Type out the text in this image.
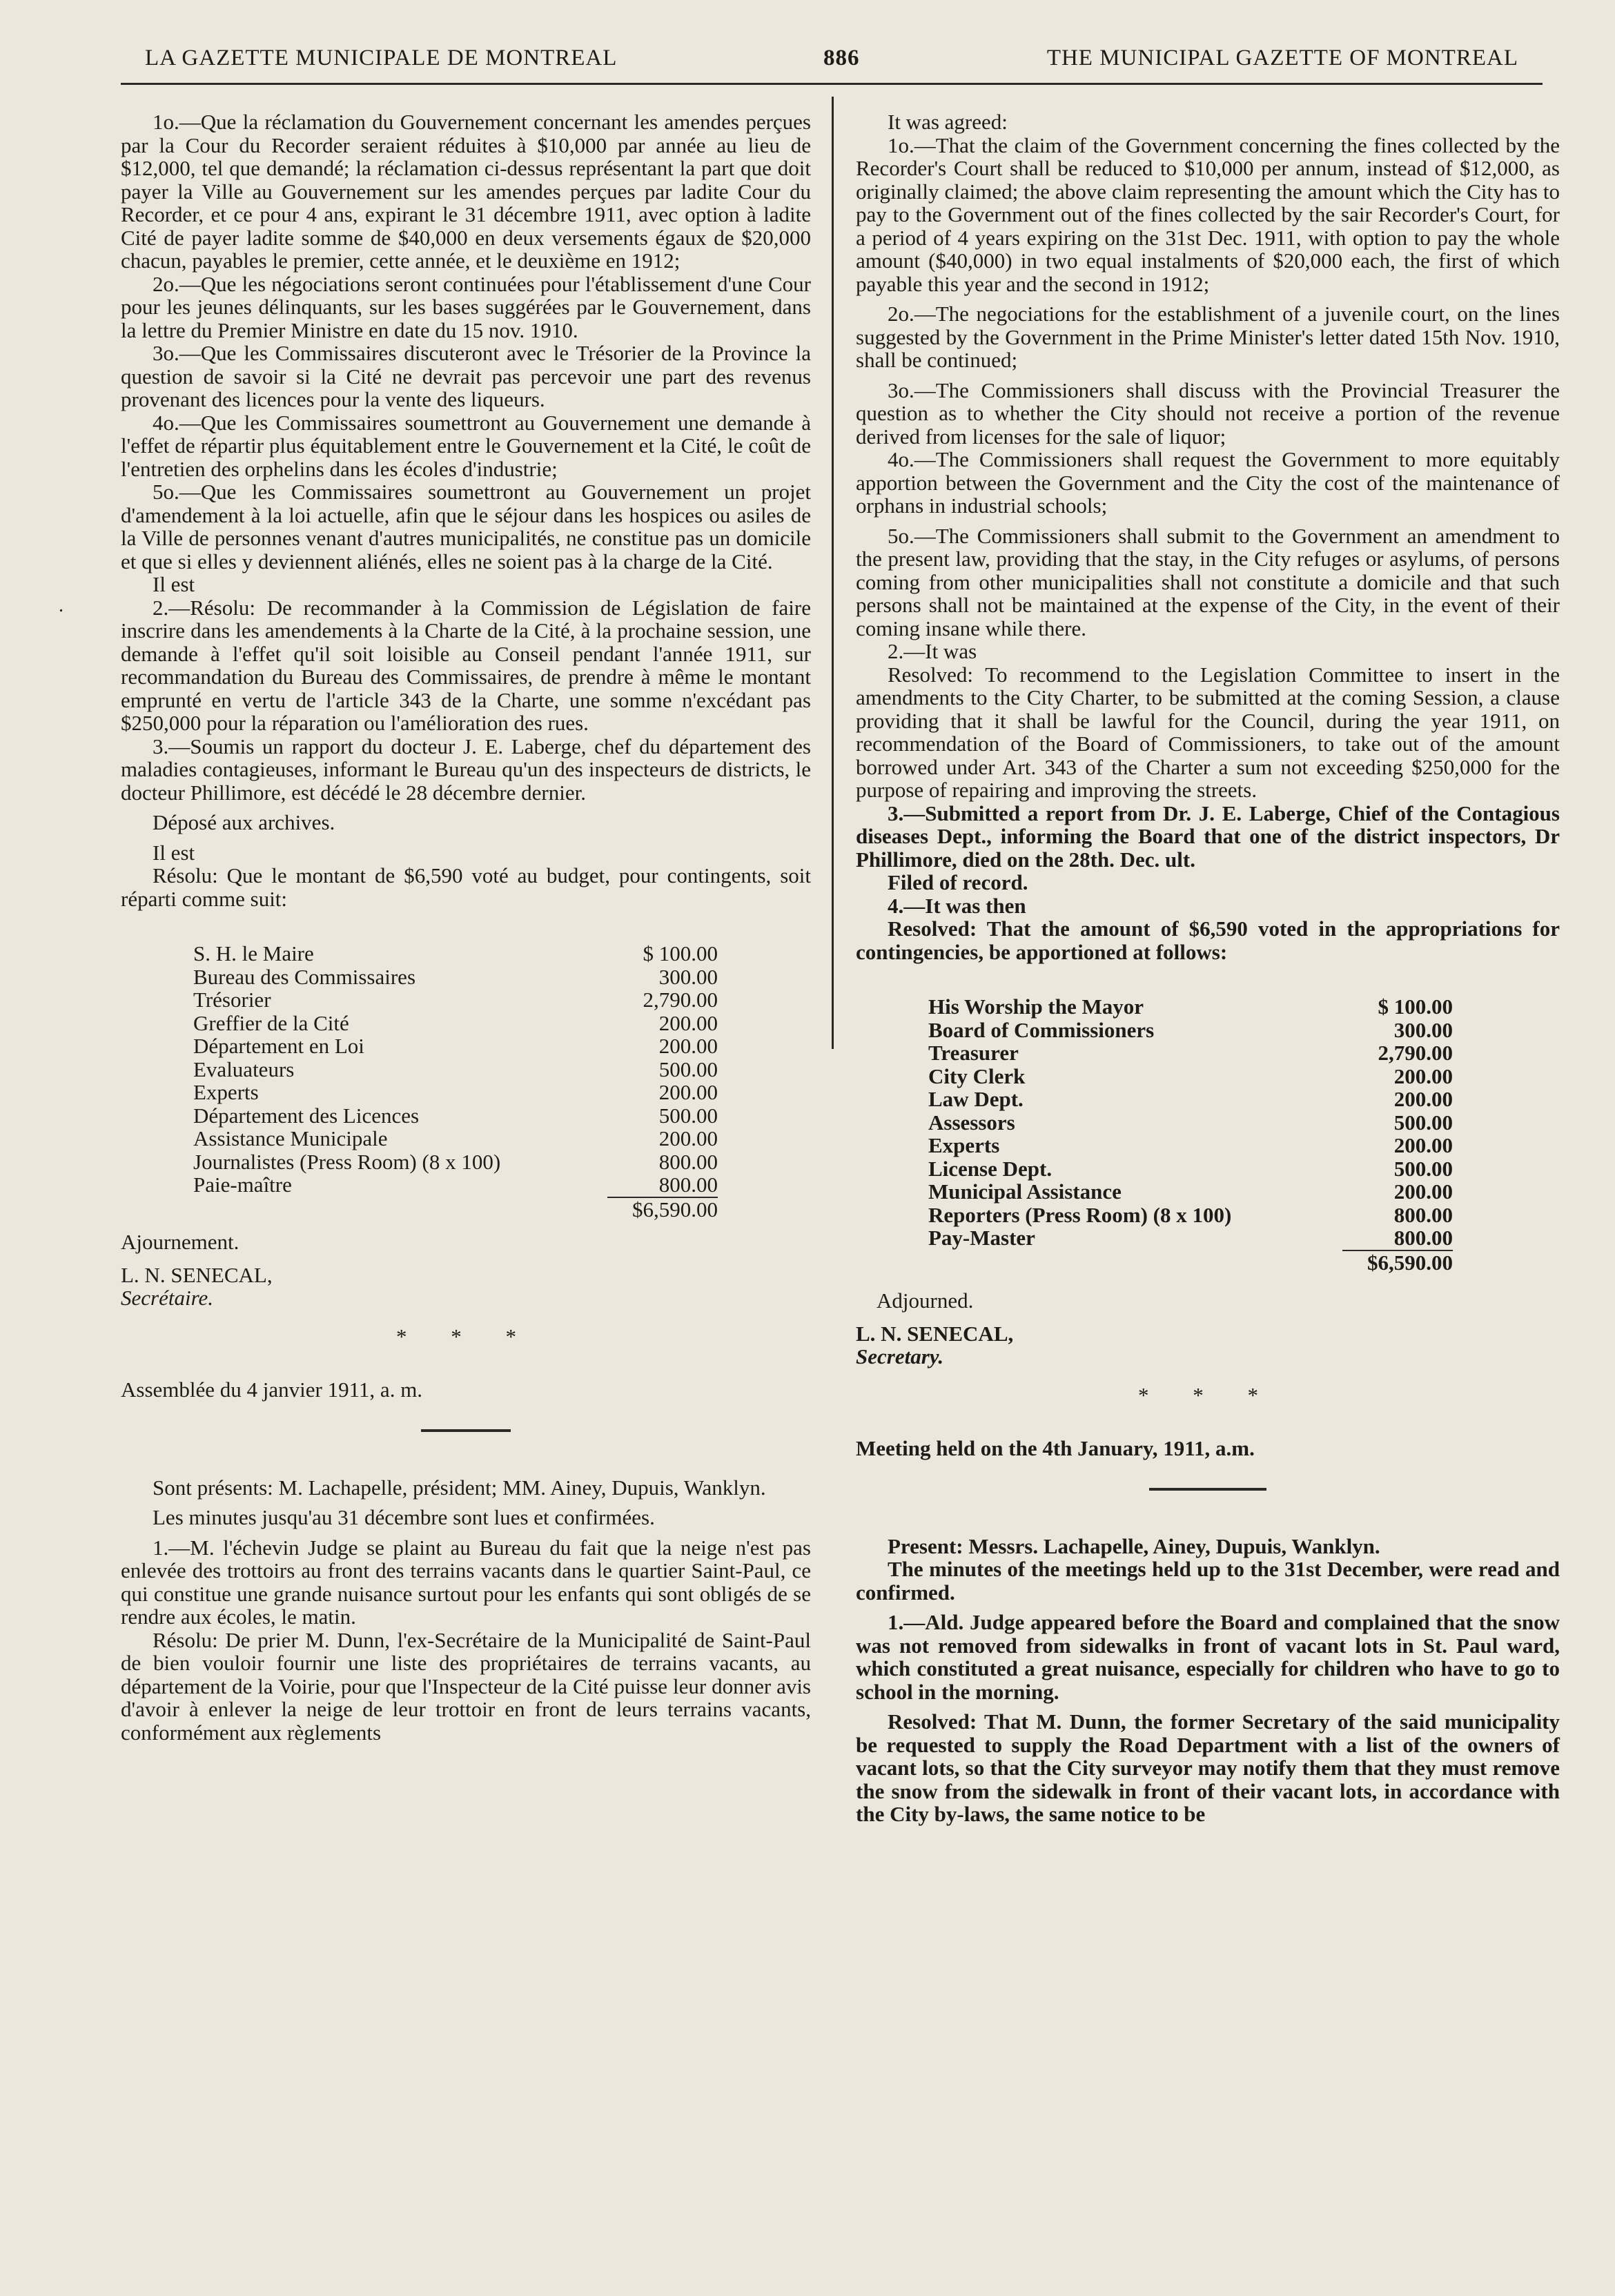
LA GAZETTE MUNICIPALE DE MONTREAL	886	THE MUNICIPAL GAZETTE OF MONTREAL
.

1o.—Que la réclamation du Gouvernement concernant les amendes perçues par la Cour du Recorder seraient réduites à $10,000 par année au lieu de $12,000, tel que demandé; la réclamation ci-dessus représentant la part que doit payer la Ville au Gouvernement sur les amendes perçues par ladite Cour du Recorder, et ce pour 4 ans, expirant le 31 décembre 1911, avec option à ladite Cité de payer ladite somme de $40,000 en deux versements égaux de $20,000 chacun, payables le premier, cette année, et le deuxième en 1912;

2o.—Que les négociations seront continuées pour l'établissement d'une Cour pour les jeunes délinquants, sur les bases suggérées par le Gouvernement, dans la lettre du Premier Ministre en date du 15 nov. 1910.

3o.—Que les Commissaires discuteront avec le Trésorier de la Province la question de savoir si la Cité ne devrait pas percevoir une part des revenus provenant des licences pour la vente des liqueurs.

4o.—Que les Commissaires soumettront au Gouvernement une demande à l'effet de répartir plus équitablement entre le Gouvernement et la Cité, le coût de l'entretien des orphelins dans les écoles d'industrie;

5o.—Que les Commissaires soumettront au Gouvernement un projet d'amendement à la loi actuelle, afin que le séjour dans les hospices ou asiles de la Ville de personnes venant d'autres municipalités, ne constitue pas un domicile et que si elles y deviennent aliénés, elles ne soient pas à la charge de la Cité.

Il est

2.—Résolu: De recommander à la Commission de Législation de faire inscrire dans les amendements à la Charte de la Cité, à la prochaine session, une demande à l'effet qu'il soit loisible au Conseil pendant l'année 1911, sur recommandation du Bureau des Commissaires, de prendre à même le montant emprunté en vertu de l'article 343 de la Charte, une somme n'excédant pas $250,000 pour la réparation ou l'amélioration des rues.

3.—Soumis un rapport du docteur J. E. Laberge, chef du département des maladies contagieuses, informant le Bureau qu'un des inspecteurs de districts, le docteur Phillimore, est décédé le 28 décembre dernier.

Déposé aux archives.

Il est

Résolu: Que le montant de $6,590 voté au budget, pour contingents, soit réparti comme suit:

S. H. le Maire	$ 100.00
Bureau des Commissaires	300.00
Trésorier	2,790.00
Greffier de la Cité	200.00
Département en Loi	200.00
Evaluateurs	500.00
Experts	200.00
Département des Licences	500.00
Assistance Municipale	200.00
Journalistes (Press Room) (8 x 100)	800.00
Paie-maître	800.00

$6,590.00

Ajournement.

L. N. SENECAL,

Secrétaire.

* * *

Assemblée du 4 janvier 1911, a. m.

Sont présents: M. Lachapelle, président; MM. Ainey, Dupuis, Wanklyn.

Les minutes jusqu'au 31 décembre sont lues et confirmées.

1.—M. l'échevin Judge se plaint au Bureau du fait que la neige n'est pas enlevée des trottoirs au front des terrains vacants dans le quartier Saint-Paul, ce qui constitue une grande nuisance surtout pour les enfants qui sont obligés de se rendre aux écoles, le matin.

Résolu: De prier M. Dunn, l'ex-Secrétaire de la Municipalité de Saint-Paul de bien vouloir fournir une liste des propriétaires de terrains vacants, au département de la Voirie, pour que l'Inspecteur de la Cité puisse leur donner avis d'avoir à enlever la neige de leur trottoir en front de leurs terrains vacants, conformément aux règlements

It was agreed:

1o.—That the claim of the Government concerning the fines collected by the Recorder's Court shall be reduced to $10,000 per annum, instead of $12,000, as originally claimed; the above claim representing the amount which the City has to pay to the Government out of the fines collected by the sair Recorder's Court, for a period of 4 years expiring on the 31st Dec. 1911, with option to pay the whole amount ($40,000) in two equal instalments of $20,000 each, the first of which payable this year and the second in 1912;

2o.—The negociations for the establishment of a juvenile court, on the lines suggested by the Government in the Prime Minister's letter dated 15th Nov. 1910, shall be continued;

3o.—The Commissioners shall discuss with the Provincial Treasurer the question as to whether the City should not receive a portion of the revenue derived from licenses for the sale of liquor;

4o.—The Commissioners shall request the Government to more equitably apportion between the Government and the City the cost of the maintenance of orphans in industrial schools;

5o.—The Commissioners shall submit to the Government an amendment to the present law, providing that the stay, in the City refuges or asylums, of persons coming from other municipalities shall not constitute a domicile and that such persons shall not be maintained at the expense of the City, in the event of their coming insane while there.

2.—It was

Resolved: To recommend to the Legislation Committee to insert in the amendments to the City Charter, to be submitted at the coming Session, a clause providing that it shall be lawful for the Council, during the year 1911, on recommendation of the Board of Commissioners, to take out of the amount borrowed under Art. 343 of the Charter a sum not exceeding $250,000 for the purpose of repairing and improving the streets.

3.—Submitted a report from Dr. J. E. Laberge, Chief of the Contagious diseases Dept., informing the Board that one of the district inspectors, Dr Phillimore, died on the 28th. Dec. ult.

Filed of record.

4.—It was then

Resolved: That the amount of $6,590 voted in the appropriations for contingencies, be apportioned at follows:

His Worship the Mayor	$ 100.00
Board of Commissioners	300.00
Treasurer	2,790.00
City Clerk	200.00
Law Dept.	200.00
Assessors	500.00
Experts	200.00
License Dept.	500.00
Municipal Assistance	200.00
Reporters (Press Room) (8 x 100)	800.00
Pay-Master	800.00

$6,590.00

Adjourned.

L. N. SENECAL,

Secretary.

* * *

Meeting held on the 4th January, 1911, a.m.

Present: Messrs. Lachapelle, Ainey, Dupuis, Wanklyn.

The minutes of the meetings held up to the 31st December, were read and confirmed.

1.—Ald. Judge appeared before the Board and complained that the snow was not removed from sidewalks in front of vacant lots in St. Paul ward, which constituted a great nuisance, especially for children who have to go to school in the morning.

Resolved: That M. Dunn, the former Secretary of the said municipality be requested to supply the Road Department with a list of the owners of vacant lots, so that the City surveyor may notify them that they must remove the snow from the sidewalk in front of their vacant lots, in accordance with the City by-laws, the same notice to be
